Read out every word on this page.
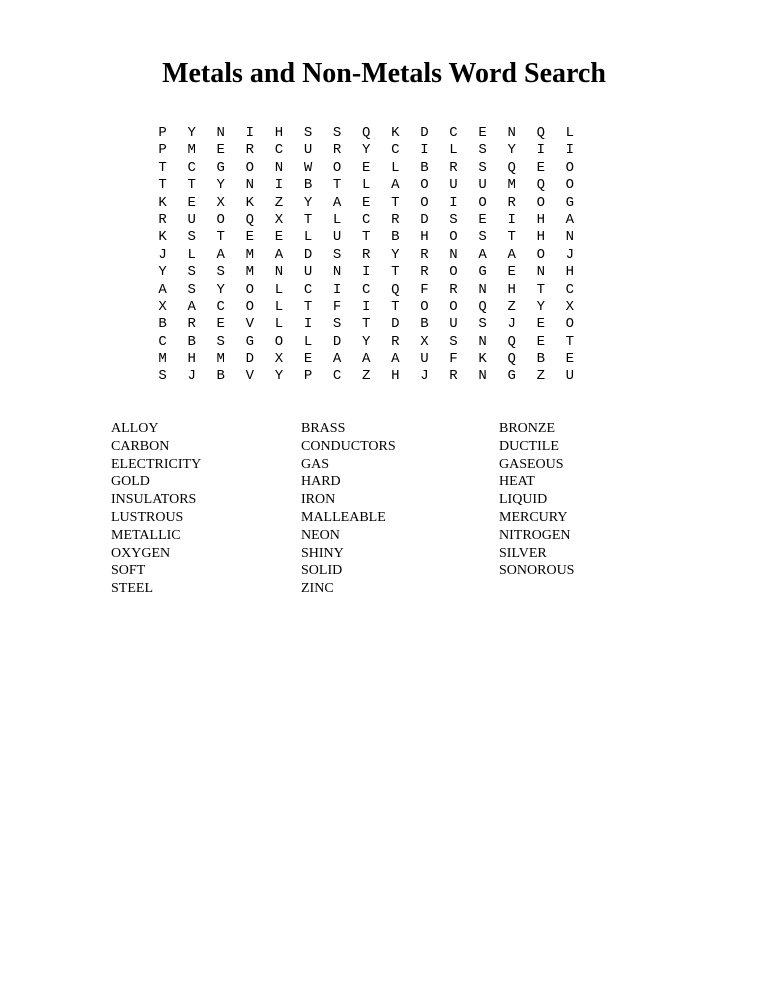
Metals and Non-Metals Word Search
P	Y	N	I	H	S	S	Q	K	D	C	E	N	Q	L
P	M	E	R	C	U	R	Y	C	I	L	S	Y	I	I
T	C	G	O	N	W	O	E	L	B	R	S	Q	E	O
T	T	Y	N	I	B	T	L	A	O	U	U	M	Q	O
K	E	X	K	Z	Y	A	E	T	O	I	O	R	O	G
R	U	O	Q	X	T	L	C	R	D	S	E	I	H	A
K	S	T	E	E	L	U	T	B	H	O	S	T	H	N
J	L	A	M	A	D	S	R	Y	R	N	A	A	O	J
Y	S	S	M	N	U	N	I	T	R	O	G	E	N	H
A	S	Y	O	L	C	I	C	Q	F	R	N	H	T	C
X	A	C	O	L	T	F	I	T	O	O	Q	Z	Y	X
B	R	E	V	L	I	S	T	D	B	U	S	J	E	O
C	B	S	G	O	L	D	Y	R	X	S	N	Q	E	T
M	H	M	D	X	E	A	A	A	U	F	K	Q	B	E
S	J	B	V	Y	P	C	Z	H	J	R	N	G	Z	U
ALLOY
CARBON
ELECTRICITY
GOLD
INSULATORS
LUSTROUS
METALLIC
OXYGEN
SOFT
STEEL
BRASS
CONDUCTORS
GAS
HARD
IRON
MALLEABLE
NEON
SHINY
SOLID
ZINC
BRONZE
DUCTILE
GASEOUS
HEAT
LIQUID
MERCURY
NITROGEN
SILVER
SONOROUS
